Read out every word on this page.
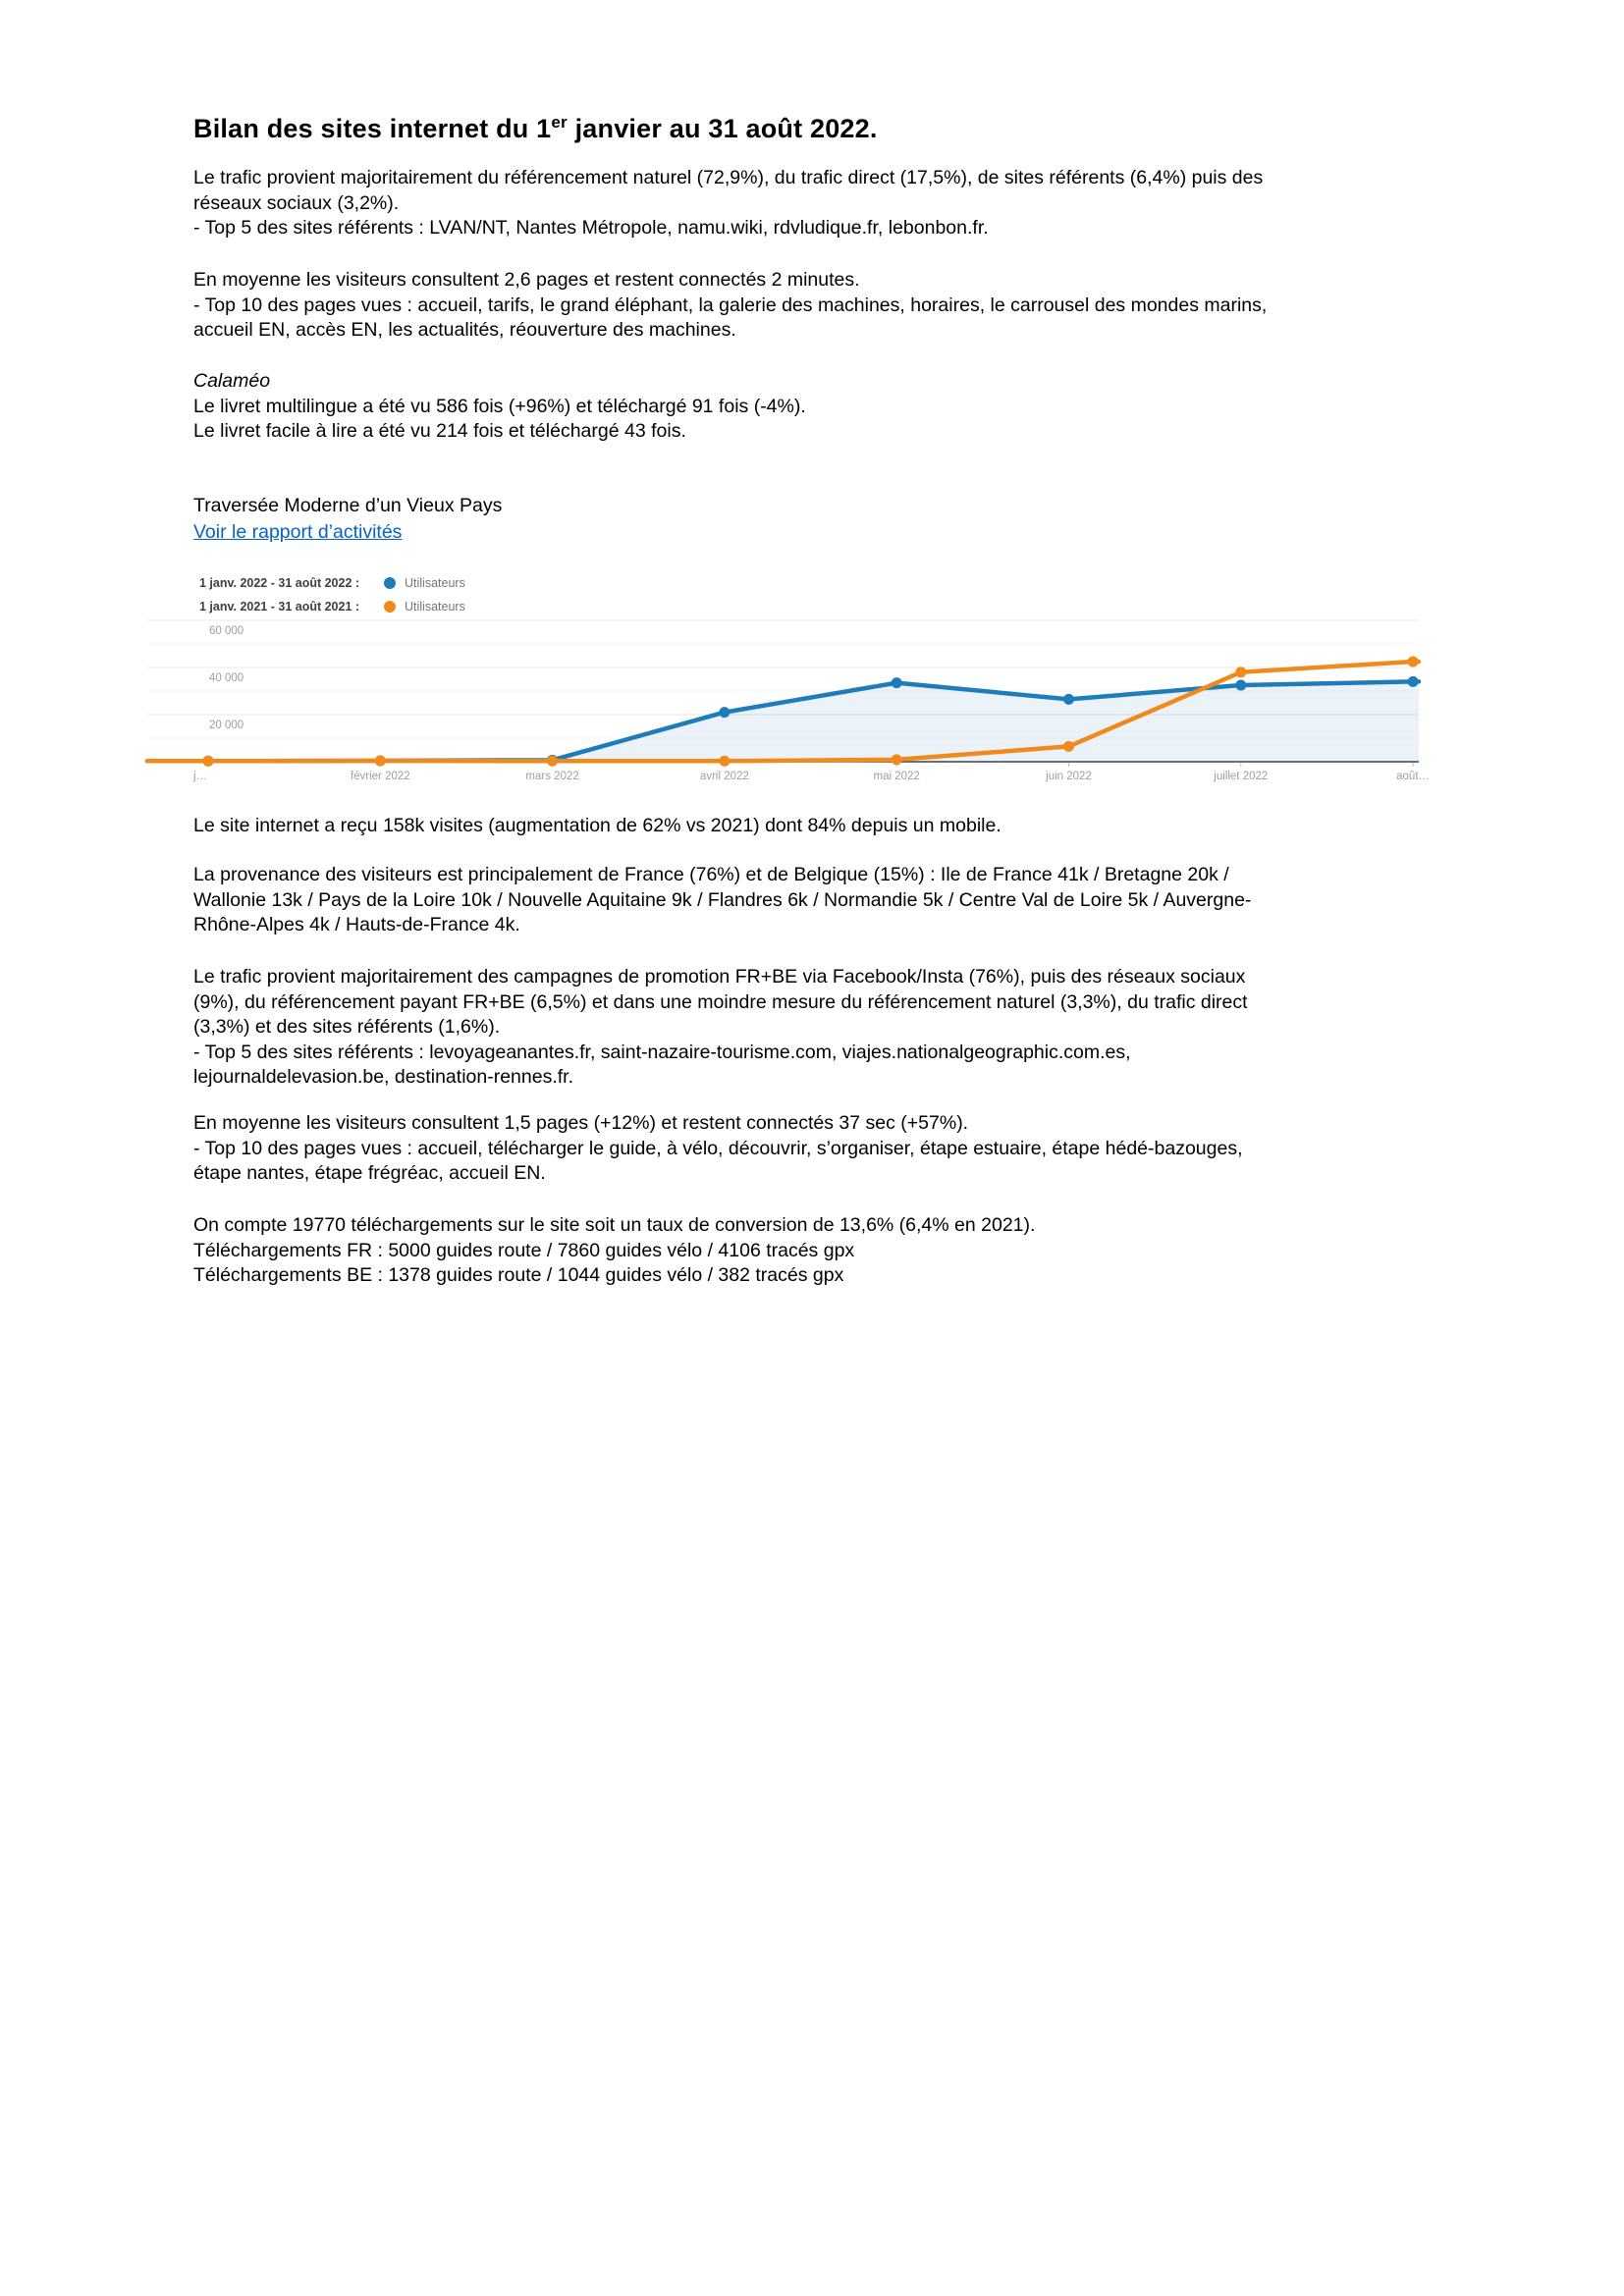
Bilan des sites internet du 1er janvier au 31 août 2022.
Le trafic provient majoritairement du référencement naturel (72,9%), du trafic direct (17,5%), de sites référents (6,4%) puis des
réseaux sociaux (3,2%).
- Top 5 des sites référents : LVAN/NT, Nantes Métropole, namu.wiki, rdvludique.fr, lebonbon.fr.
En moyenne les visiteurs consultent 2,6 pages et restent connectés 2 minutes.
- Top 10 des pages vues : accueil, tarifs, le grand éléphant, la galerie des machines, horaires, le carrousel des mondes marins,
accueil EN, accès EN, les actualités, réouverture des machines.
Calaméo
Le livret multilingue a été vu 586 fois (+96%) et téléchargé 91 fois (-4%).
Le livret facile à lire a été vu 214 fois et téléchargé 43 fois.
Traversée Moderne d’un Vieux Pays
Voir le rapport d’activités
1 janv. 2022 - 31 août 2022 :	Utilisateurs
1 janv. 2021 - 31 août 2021 :	Utilisateurs
20 000
40 000
60 000
j…	février 2022	mars 2022	avril 2022	mai 2022	juin 2022	juillet 2022	août…
Le site internet a reçu 158k visites (augmentation de 62% vs 2021) dont 84% depuis un mobile.
La provenance des visiteurs est principalement de France (76%) et de Belgique (15%) : Ile de France 41k / Bretagne 20k /
Wallonie 13k / Pays de la Loire 10k / Nouvelle Aquitaine 9k / Flandres 6k / Normandie 5k / Centre Val de Loire 5k / Auvergne-
Rhône-Alpes 4k / Hauts-de-France 4k.
Le trafic provient majoritairement des campagnes de promotion FR+BE via Facebook/Insta (76%), puis des réseaux sociaux
(9%), du référencement payant FR+BE (6,5%) et dans une moindre mesure du référencement naturel (3,3%), du trafic direct
(3,3%) et des sites référents (1,6%).
- Top 5 des sites référents : levoyageanantes.fr, saint-nazaire-tourisme.com, viajes.nationalgeographic.com.es,
lejournaldelevasion.be, destination-rennes.fr.
En moyenne les visiteurs consultent 1,5 pages (+12%) et restent connectés 37 sec (+57%).
- Top 10 des pages vues : accueil, télécharger le guide, à vélo, découvrir, s’organiser, étape estuaire, étape hédé-bazouges,
étape nantes, étape frégréac, accueil EN.
On compte 19770 téléchargements sur le site soit un taux de conversion de 13,6% (6,4% en 2021).
Téléchargements FR : 5000 guides route / 7860 guides vélo / 4106 tracés gpx
Téléchargements BE : 1378 guides route / 1044 guides vélo / 382 tracés gpx
